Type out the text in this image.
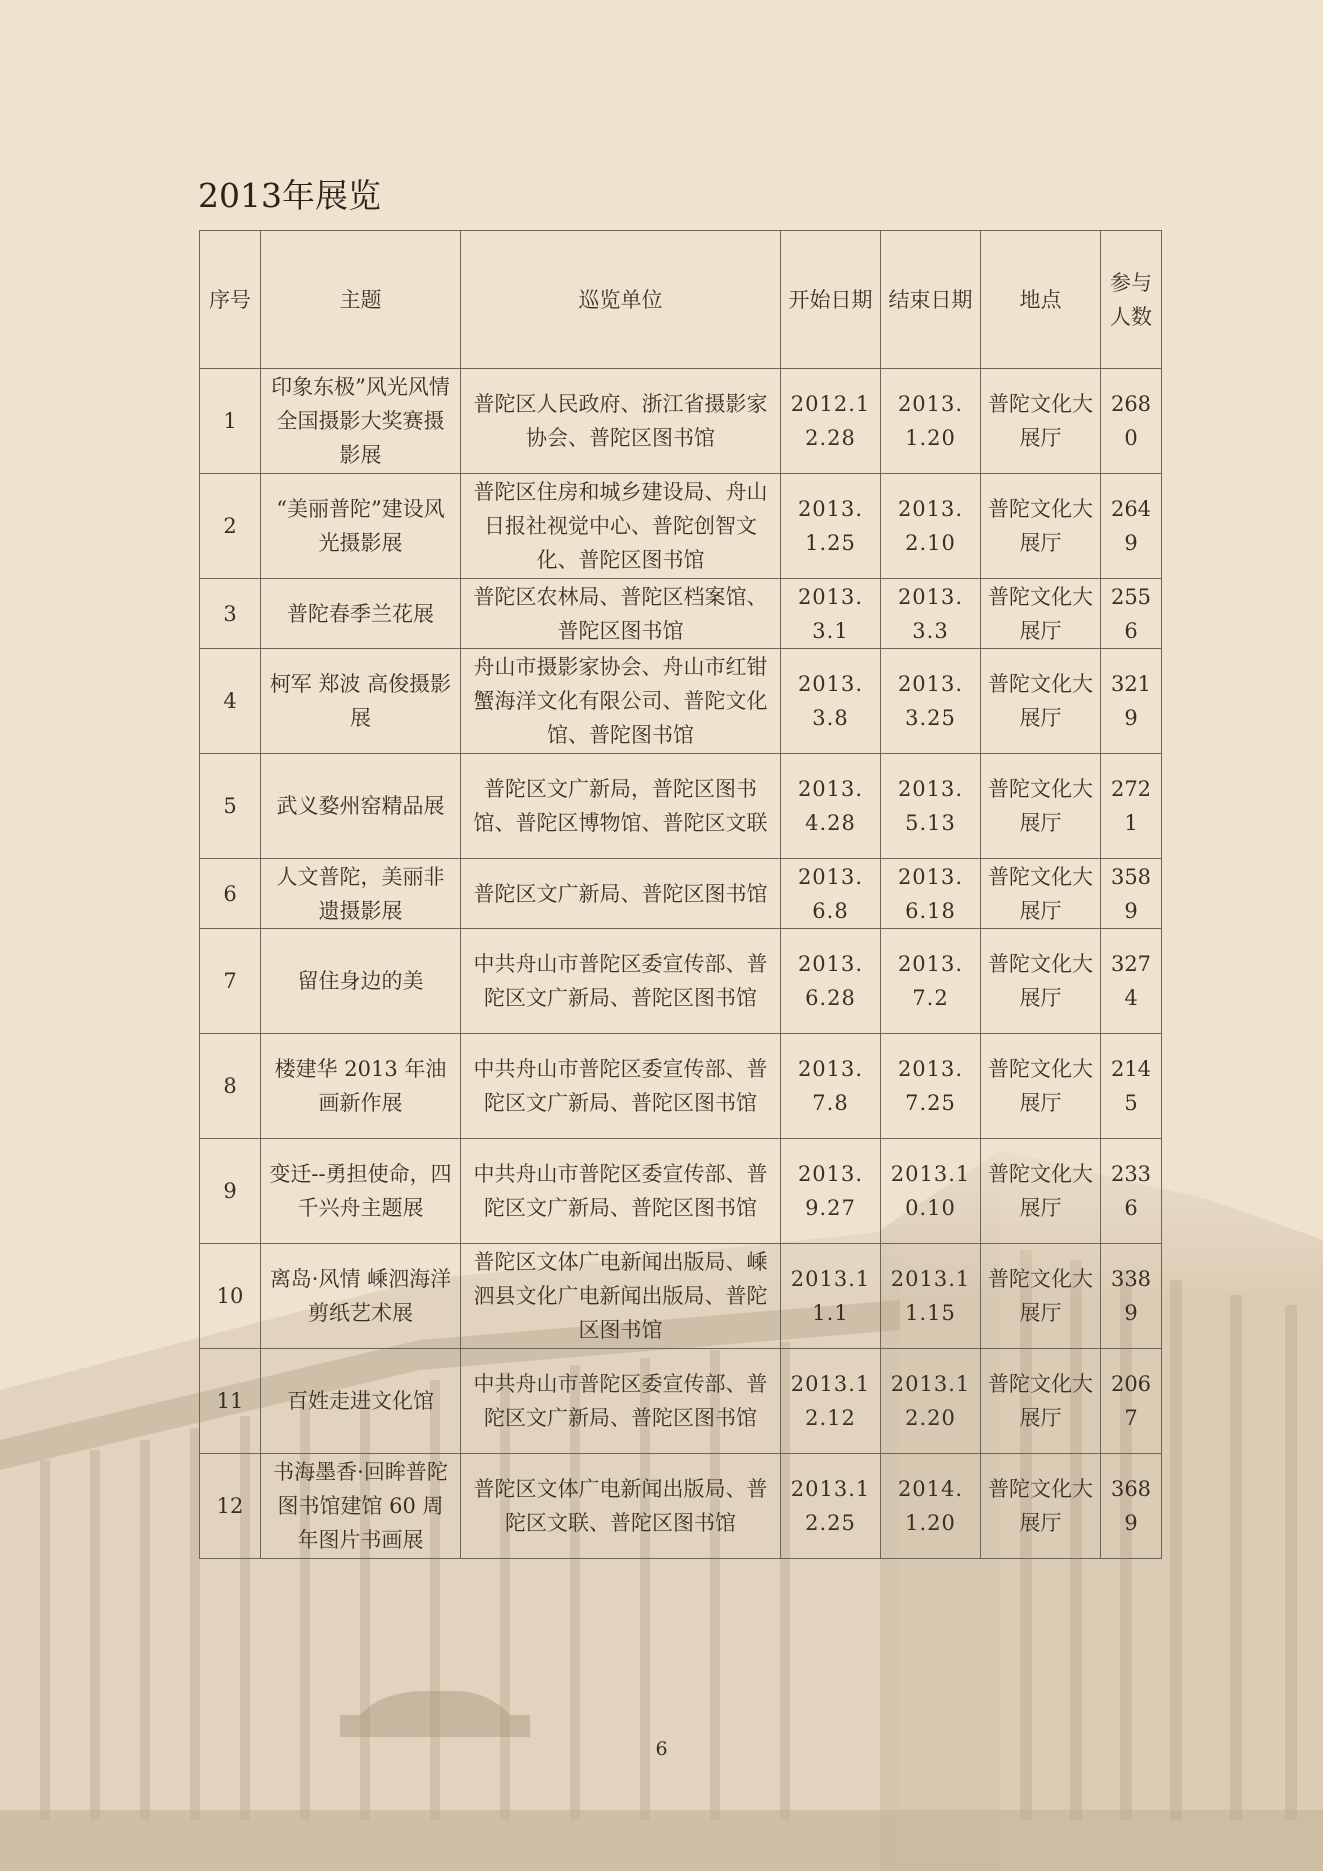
2013年展览
序号	主题	巡览单位	开始日期	结束日期	地点	参与人数
1	印象东极”风光风情全国摄影大奖赛摄影展	普陀区人民政府、浙江省摄影家协会、普陀区图书馆	2012.12.28	2013.1.20	普陀文化大展厅	2680
2	“美丽普陀”建设风光摄影展	普陀区住房和城乡建设局、舟山日报社视觉中心、普陀创智文化、普陀区图书馆	2013.1.25	2013.2.10	普陀文化大展厅	2649
3	普陀春季兰花展	普陀区农林局、普陀区档案馆、普陀区图书馆	2013.3.1	2013.3.3	普陀文化大展厅	2556
4	柯军 郑波 高俊摄影展	舟山市摄影家协会、舟山市红钳蟹海洋文化有限公司、普陀文化馆、普陀图书馆	2013.3.8	2013.3.25	普陀文化大展厅	3219
5	武义婺州窑精品展	普陀区文广新局，普陀区图书馆、普陀区博物馆、普陀区文联	2013.4.28	2013.5.13	普陀文化大展厅	2721
6	人文普陀，美丽非遗摄影展	普陀区文广新局、普陀区图书馆	2013.6.8	2013.6.18	普陀文化大展厅	3589
7	留住身边的美	中共舟山市普陀区委宣传部、普陀区文广新局、普陀区图书馆	2013.6.28	2013.7.2	普陀文化大展厅	3274
8	楼建华 2013 年油画新作展	中共舟山市普陀区委宣传部、普陀区文广新局、普陀区图书馆	2013.7.8	2013.7.25	普陀文化大展厅	2145
9	变迁--勇担使命，四千兴舟主题展	中共舟山市普陀区委宣传部、普陀区文广新局、普陀区图书馆	2013.9.27	2013.10.10	普陀文化大展厅	2336
10	离岛·风情 嵊泗海洋剪纸艺术展	普陀区文体广电新闻出版局、嵊泗县文化广电新闻出版局、普陀区图书馆	2013.11.1	2013.11.15	普陀文化大展厅	3389
11	百姓走进文化馆	中共舟山市普陀区委宣传部、普陀区文广新局、普陀区图书馆	2013.12.12	2013.12.20	普陀文化大展厅	2067
12	书海墨香·回眸普陀图书馆建馆 60 周年图片书画展	普陀区文体广电新闻出版局、普陀区文联、普陀区图书馆	2013.12.25	2014.1.20	普陀文化大展厅	3689
6
